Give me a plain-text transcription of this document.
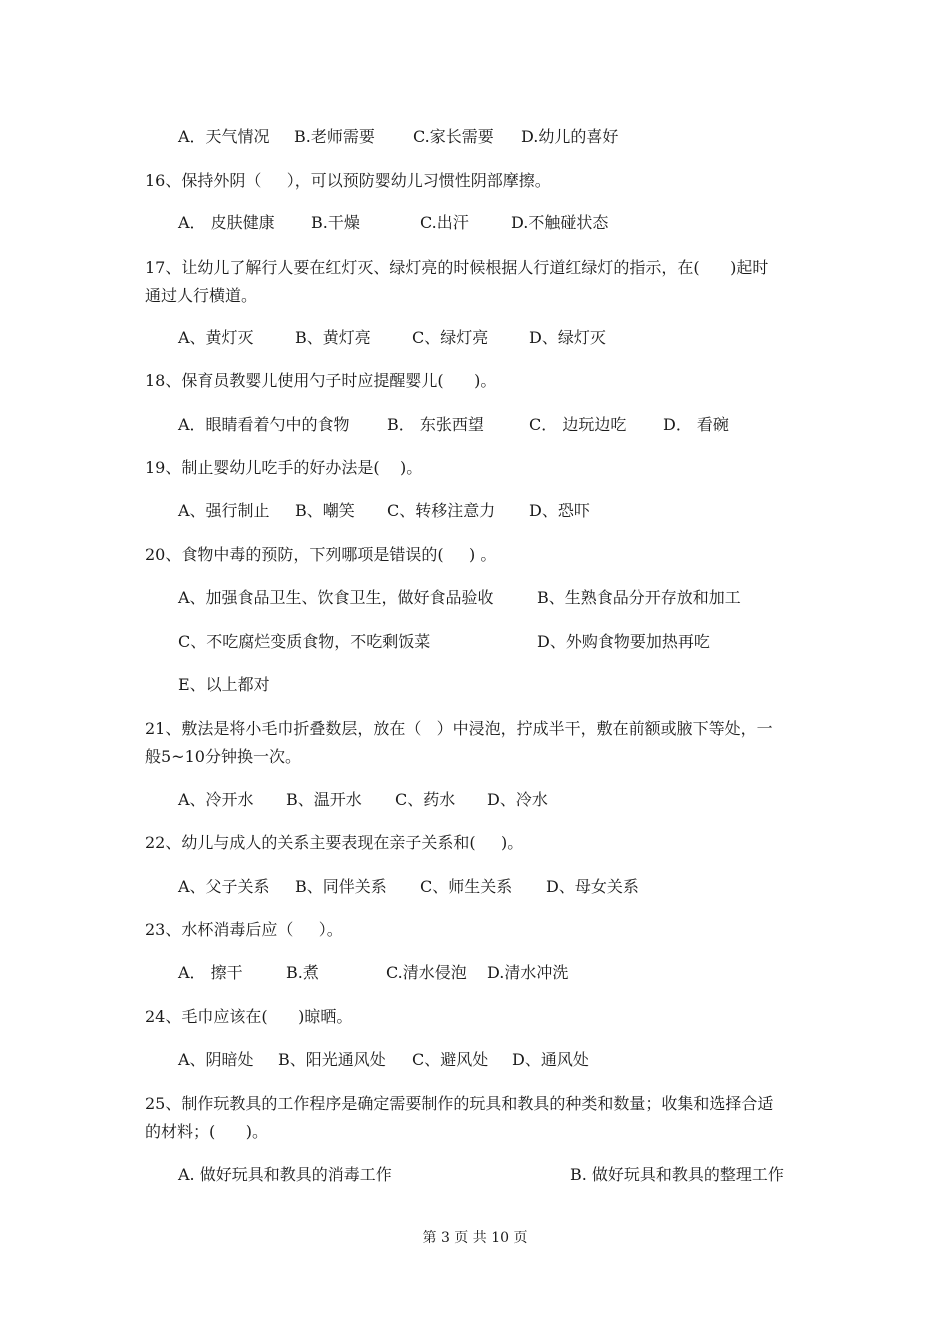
A．天气情况 B.老师需要 C.家长需要 D.幼儿的喜好
16、保持外阴（     ），可以预防婴幼儿习惯性阴部摩擦。
A． 皮肤健康 B.干燥	C.出汗	D.不触碰状态
17、让幼儿了解行人要在红灯灭、绿灯亮的时候根据人行道红绿灯的指示，在(      )起时
通过人行横道。
A、黄灯灭	B、黄灯亮	C、绿灯亮	D、绿灯灭
18、保育员教婴儿使用勺子时应提醒婴儿(      )。
A．眼睛看着勺中的食物 B． 东张西望	C． 边玩边吃 D． 看碗
19、制止婴幼儿吃手的好办法是(    )。
A、强行制止 B、嘲笑 C、转移注意力 D、恐吓
20、食物中毒的预防，下列哪项是错误的(     ) 。
A、加强食品卫生、饮食卫生，做好食品验收	B、生熟食品分开存放和加工
C、不吃腐烂变质食物，不吃剩饭菜	D、外购食物要加热再吃
E、以上都对
21、敷法是将小毛巾折叠数层，放在（   ）中浸泡，拧成半干，敷在前额或腋下等处，一
般5~10分钟换一次。
A、冷开水 B、温开水 C、药水 D、冷水
22、幼儿与成人的关系主要表现在亲子关系和(     )。
A、父子关系 B、同伴关系 C、师生关系 D、母女关系
23、水杯消毒后应（     ）。
A． 擦干	B.煮	C.清水侵泡 D.清水冲洗
24、毛巾应该在(      )晾晒。
A、阴暗处 B、阳光通风处 C、避风处 D、通风处
25、制作玩教具的工作程序是确定需要制作的玩具和教具的种类和数量；收集和选择合适
的材料；(      )。
A. 做好玩具和教具的消毒工作	B. 做好玩具和教具的整理工作
第 3 页 共 10 页
